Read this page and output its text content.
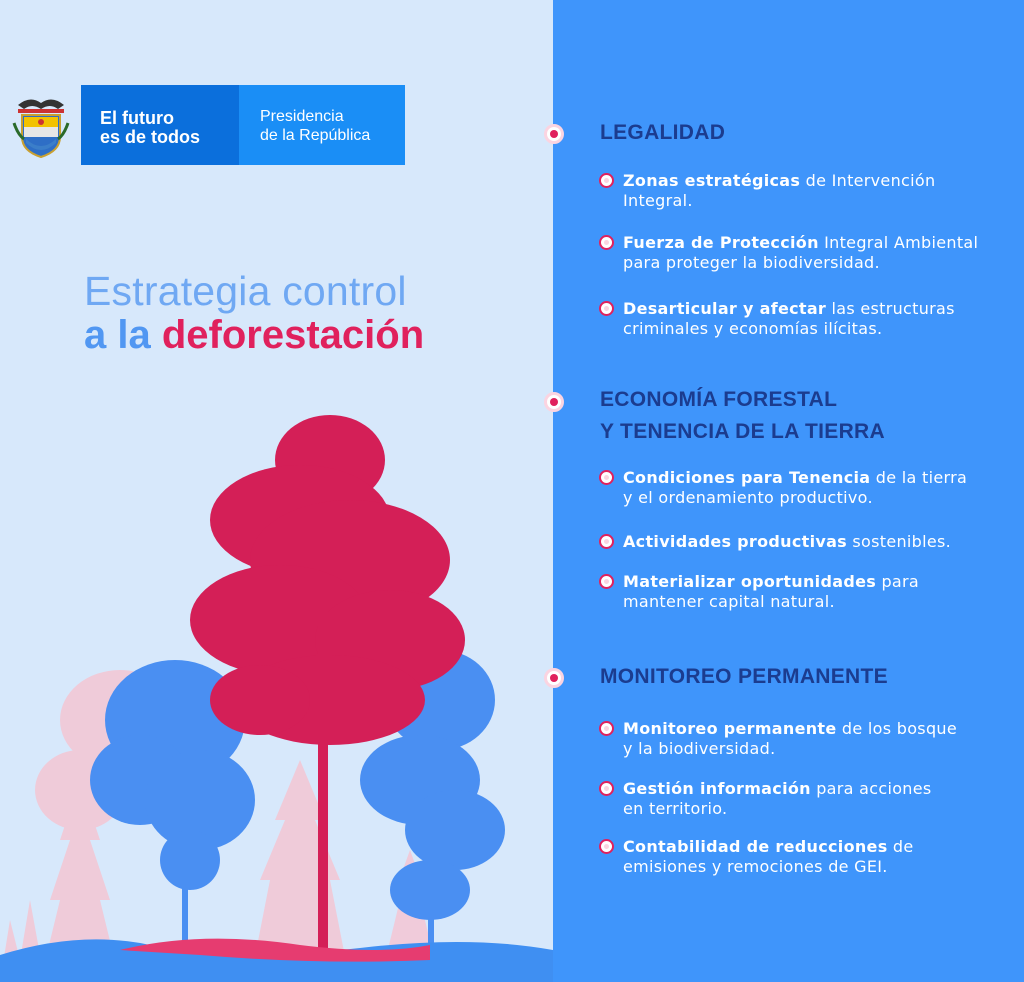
El futuro
es de todos
Presidencia
de la República
Estrategia control
a la deforestación
LEGALIDAD
Zonas estratégicas de Intervención
Integral.
Fuerza de Protección Integral Ambiental
para proteger la biodiversidad.
Desarticular y afectar las estructuras
criminales y economías ilícitas.
ECONOMÍA FORESTAL
Y TENENCIA DE LA TIERRA
Condiciones para Tenencia de la tierra
y el ordenamiento productivo.
Actividades productivas sostenibles.
Materializar oportunidades para
mantener capital natural.
MONITOREO PERMANENTE
Monitoreo permanente de los bosque
y la biodiversidad.
Gestión información para acciones
en territorio.
Contabilidad de reducciones de
emisiones y remociones de GEI.
